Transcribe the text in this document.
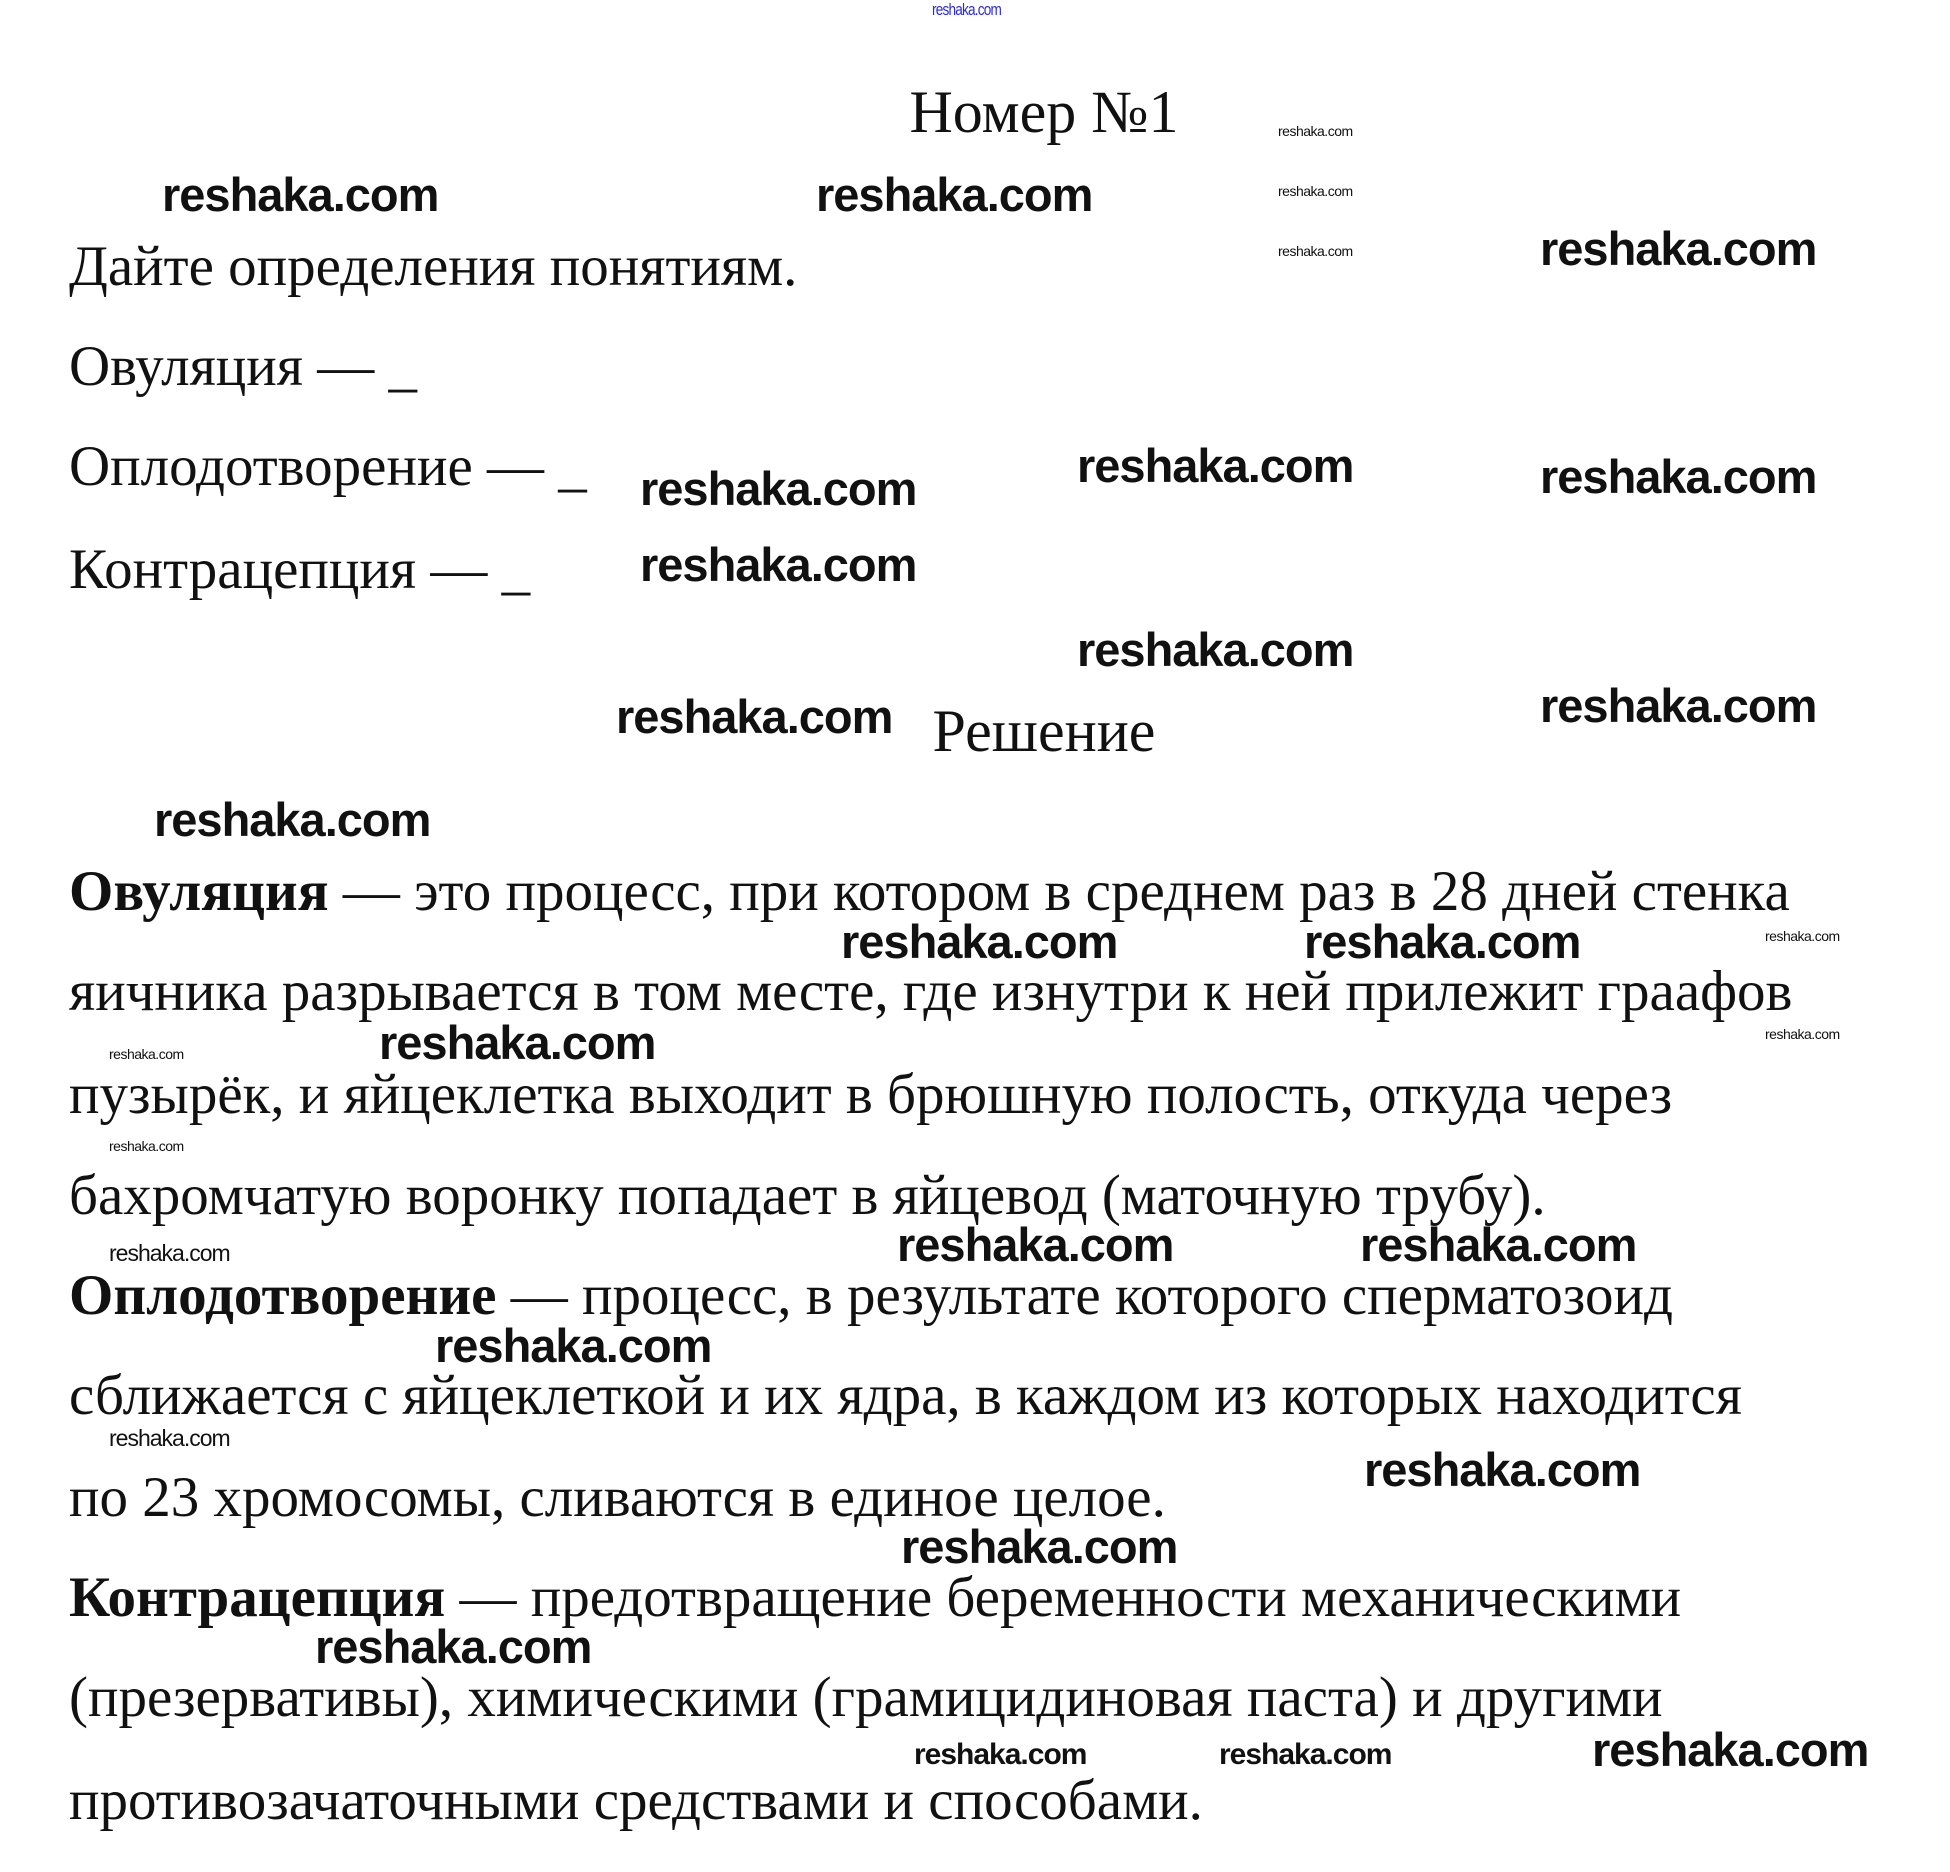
Номер №1
Дайте определения понятиям.
Овуляция — _
Оплодотворение — _
Контрацепция — _
Решение
Овуляция — это процесс, при котором в среднем раз в 28 дней стенка
яичника разрывается в том месте, где изнутри к ней прилежит граафов
пузырёк, и яйцеклетка выходит в брюшную полость, откуда через
бахромчатую воронку попадает в яйцевод (маточную трубу).
Оплодотворение — процесс, в результате которого сперматозоид
сближается с яйцеклеткой и их ядра, в каждом из которых находится
по 23 хромосомы, сливаются в единое целое.
Контрацепция — предотвращение беременности механическими
(презервативы), химическими (грамицидиновая паста) и другими
противозачаточными средствами и способами.
reshaka.com
reshaka.com	reshaka.com
reshaka.com
reshaka.com	reshaka.com	reshaka.com
reshaka.com
reshaka.com
reshaka.com
reshaka.com
reshaka.com
reshaka.com	reshaka.com
reshaka.com
reshaka.com	reshaka.com
reshaka.com
reshaka.com
reshaka.com
reshaka.com
reshaka.com
reshaka.com	reshaka.com
reshaka.com
reshaka.com
reshaka.com
reshaka.com
reshaka.com
reshaka.com
reshaka.com
reshaka.com
reshaka.com
